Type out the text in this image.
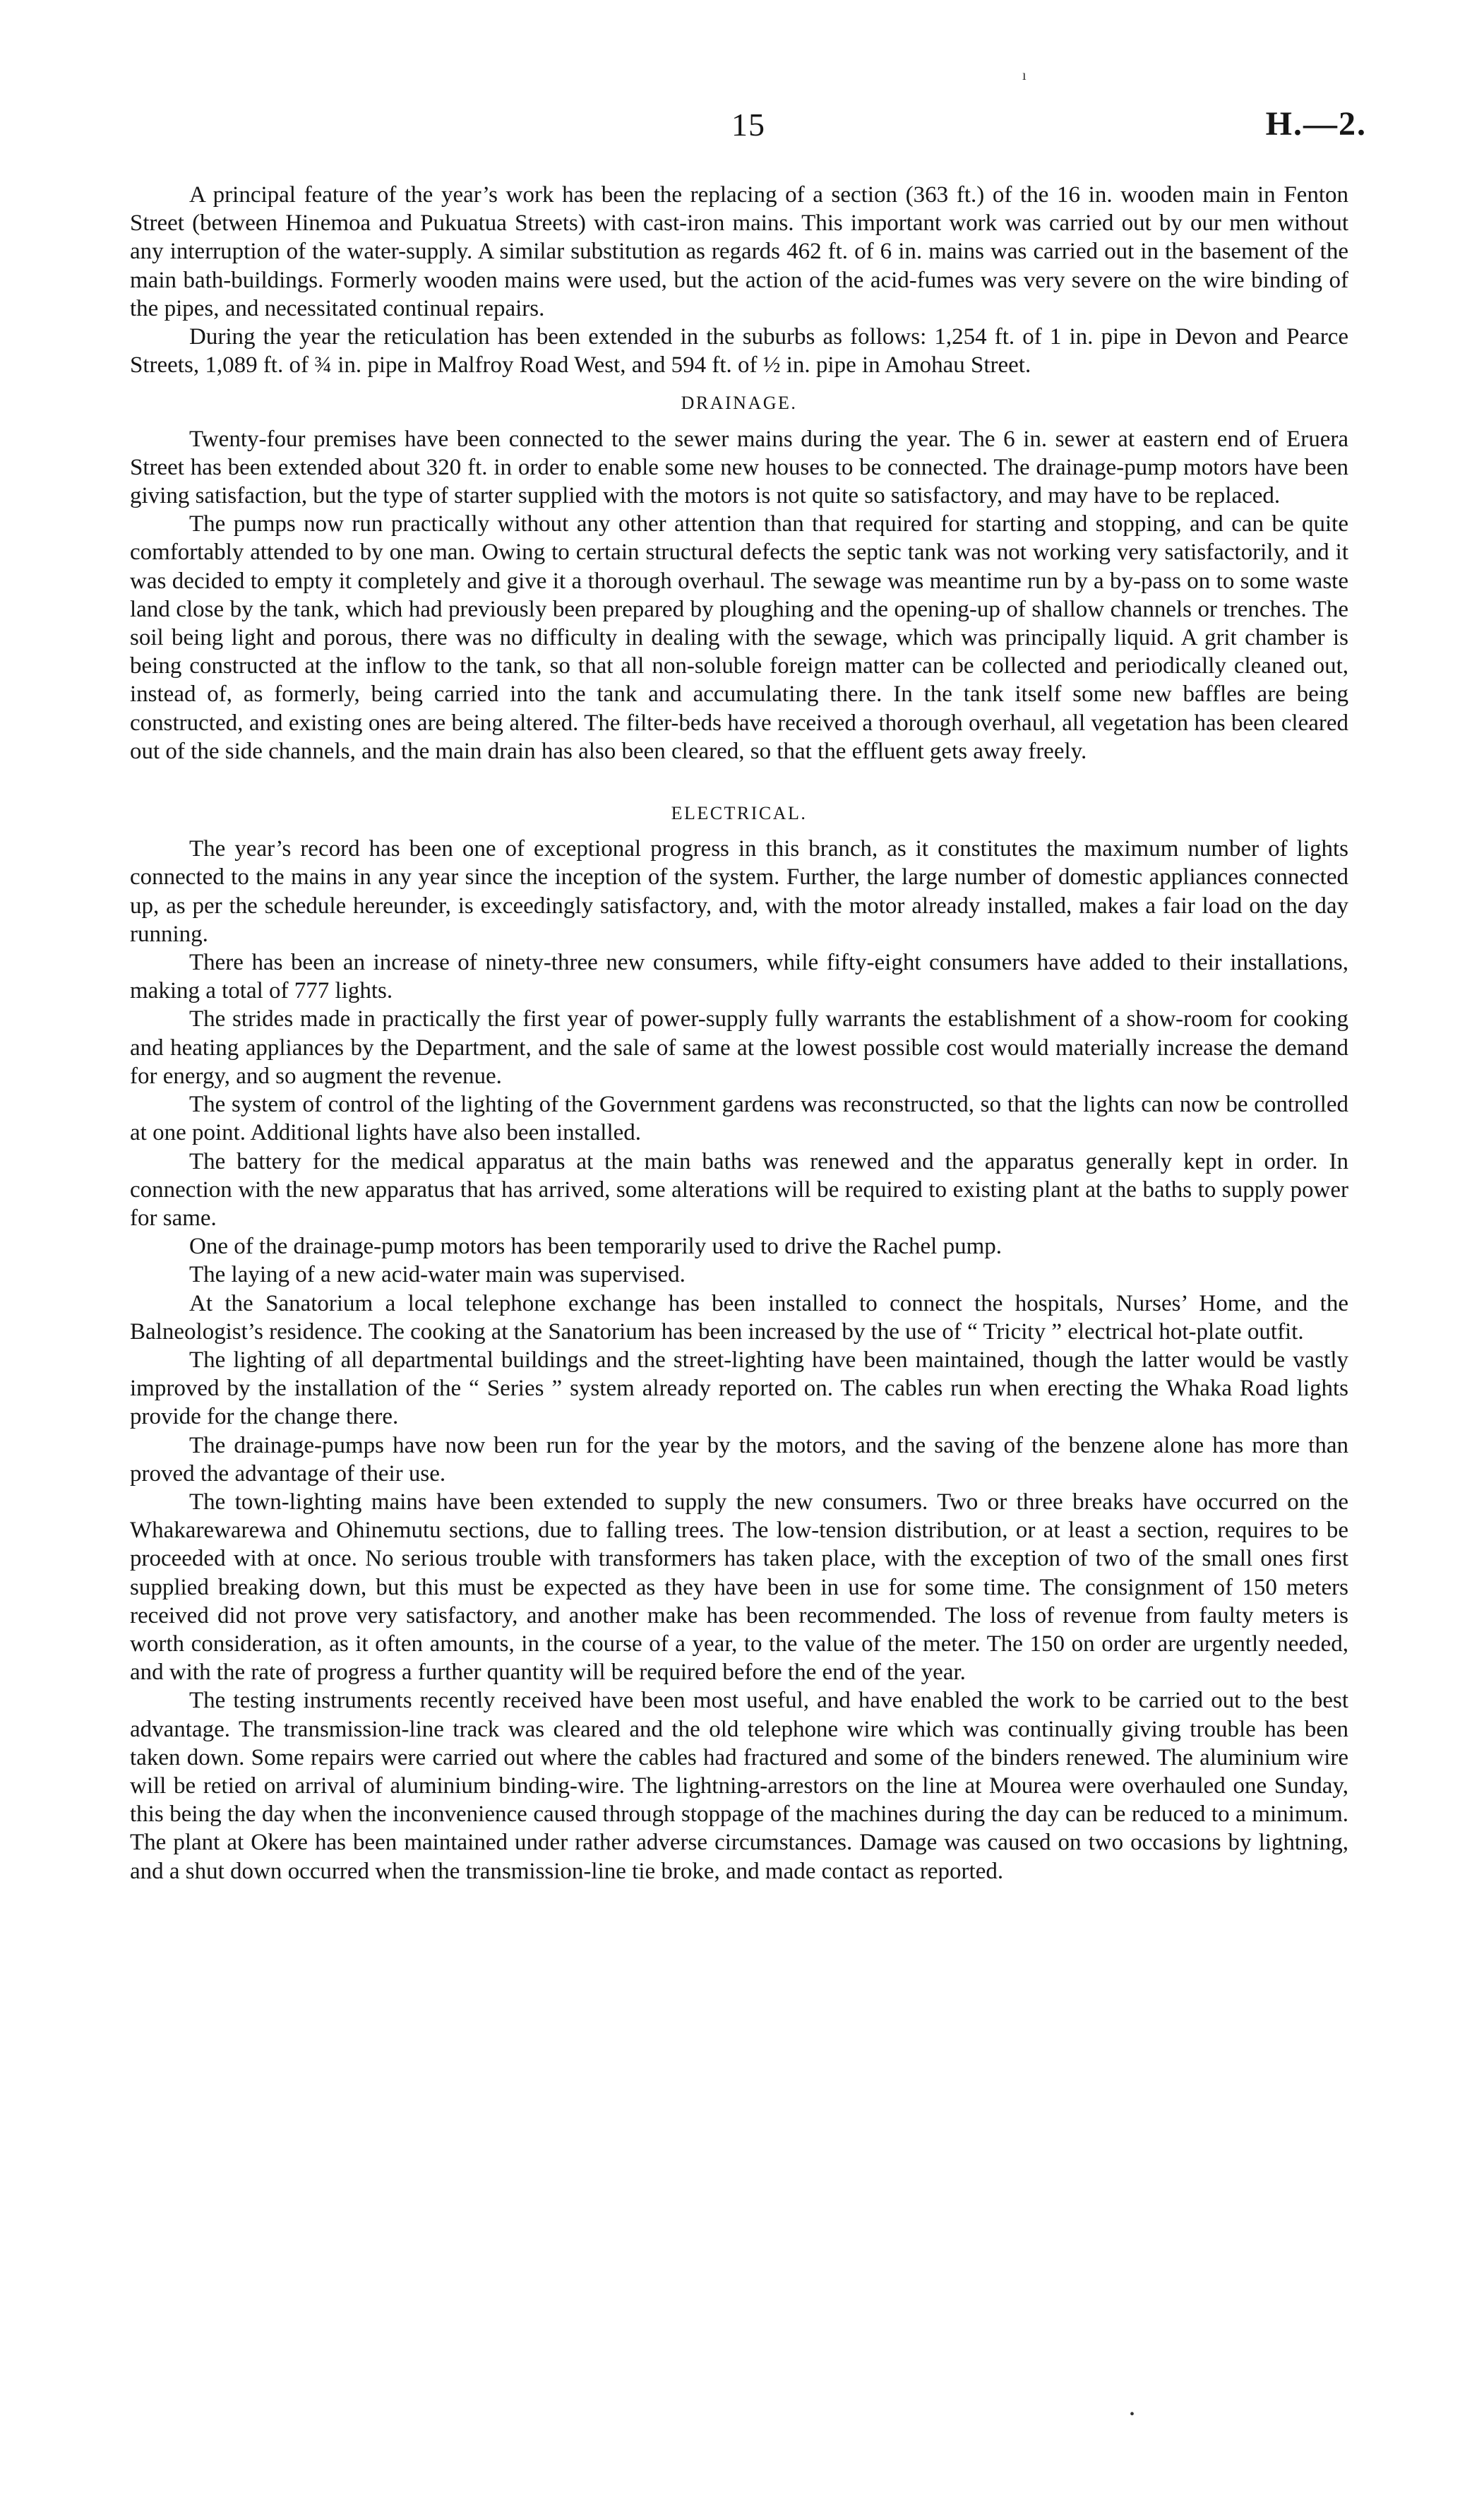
ı
15	H.—2.

A principal feature of the year’s work has been the replacing of a section (363 ft.) of the 16 in. wooden main in Fenton Street (between Hinemoa and Pukuatua Streets) with cast-iron mains. This important work was carried out by our men without any interruption of the water-supply. A similar substitution as regards 462 ft. of 6 in. mains was carried out in the basement of the main bath-buildings. Formerly wooden mains were used, but the action of the acid-fumes was very severe on the wire binding of the pipes, and necessitated continual repairs.

During the year the reticulation has been extended in the suburbs as follows: 1,254 ft. of 1 in. pipe in Devon and Pearce Streets, 1,089 ft. of ¾ in. pipe in Malfroy Road West, and 594 ft. of ½ in. pipe in Amohau Street.

DRAINAGE.

Twenty-four premises have been connected to the sewer mains during the year. The 6 in. sewer at eastern end of Eruera Street has been extended about 320 ft. in order to enable some new houses to be connected. The drainage-pump motors have been giving satisfaction, but the type of starter supplied with the motors is not quite so satisfactory, and may have to be replaced.

The pumps now run practically without any other attention than that required for starting and stopping, and can be quite comfortably attended to by one man. Owing to certain structural defects the septic tank was not working very satisfactorily, and it was decided to empty it completely and give it a thorough overhaul. The sewage was meantime run by a by-pass on to some waste land close by the tank, which had previously been prepared by ploughing and the opening-up of shallow channels or trenches. The soil being light and porous, there was no difficulty in dealing with the sewage, which was principally liquid. A grit chamber is being constructed at the inflow to the tank, so that all non-soluble foreign matter can be collected and periodically cleaned out, instead of, as formerly, being carried into the tank and accumulating there. In the tank itself some new baffles are being constructed, and existing ones are being altered. The filter-beds have received a thorough overhaul, all vegetation has been cleared out of the side channels, and the main drain has also been cleared, so that the effluent gets away freely.

ELECTRICAL.

The year’s record has been one of exceptional progress in this branch, as it constitutes the maximum number of lights connected to the mains in any year since the inception of the system. Further, the large number of domestic appliances connected up, as per the schedule hereunder, is exceedingly satisfactory, and, with the motor already installed, makes a fair load on the day running.

There has been an increase of ninety-three new consumers, while fifty-eight consumers have added to their installations, making a total of 777 lights.

The strides made in practically the first year of power-supply fully warrants the establishment of a show-room for cooking and heating appliances by the Department, and the sale of same at the lowest possible cost would materially increase the demand for energy, and so augment the revenue.

The system of control of the lighting of the Government gardens was reconstructed, so that the lights can now be controlled at one point. Additional lights have also been installed.

The battery for the medical apparatus at the main baths was renewed and the apparatus generally kept in order. In connection with the new apparatus that has arrived, some alterations will be required to existing plant at the baths to supply power for same.

One of the drainage-pump motors has been temporarily used to drive the Rachel pump.

The laying of a new acid-water main was supervised.

At the Sanatorium a local telephone exchange has been installed to connect the hospitals, Nurses’ Home, and the Balneologist’s residence. The cooking at the Sanatorium has been increased by the use of “ Tricity ” electrical hot-plate outfit.

The lighting of all departmental buildings and the street-lighting have been maintained, though the latter would be vastly improved by the installation of the “ Series ” system already reported on. The cables run when erecting the Whaka Road lights provide for the change there.

The drainage-pumps have now been run for the year by the motors, and the saving of the benzene alone has more than proved the advantage of their use.

The town-lighting mains have been extended to supply the new consumers. Two or three breaks have occurred on the Whakarewarewa and Ohinemutu sections, due to falling trees. The low-tension distribution, or at least a section, requires to be proceeded with at once. No serious trouble with transformers has taken place, with the exception of two of the small ones first supplied breaking down, but this must be expected as they have been in use for some time. The consignment of 150 meters received did not prove very satisfactory, and another make has been recommended. The loss of revenue from faulty meters is worth consideration, as it often amounts, in the course of a year, to the value of the meter. The 150 on order are urgently needed, and with the rate of progress a further quantity will be required before the end of the year.

The testing instruments recently received have been most useful, and have enabled the work to be carried out to the best advantage. The transmission-line track was cleared and the old telephone wire which was continually giving trouble has been taken down. Some repairs were carried out where the cables had fractured and some of the binders renewed. The aluminium wire will be retied on arrival of aluminium binding-wire. The lightning-arrestors on the line at Mourea were overhauled one Sunday, this being the day when the inconvenience caused through stoppage of the machines during the day can be reduced to a minimum. The plant at Okere has been maintained under rather adverse circumstances. Damage was caused on two occasions by lightning, and a shut down occurred when the transmission-line tie broke, and made contact as reported.

•
